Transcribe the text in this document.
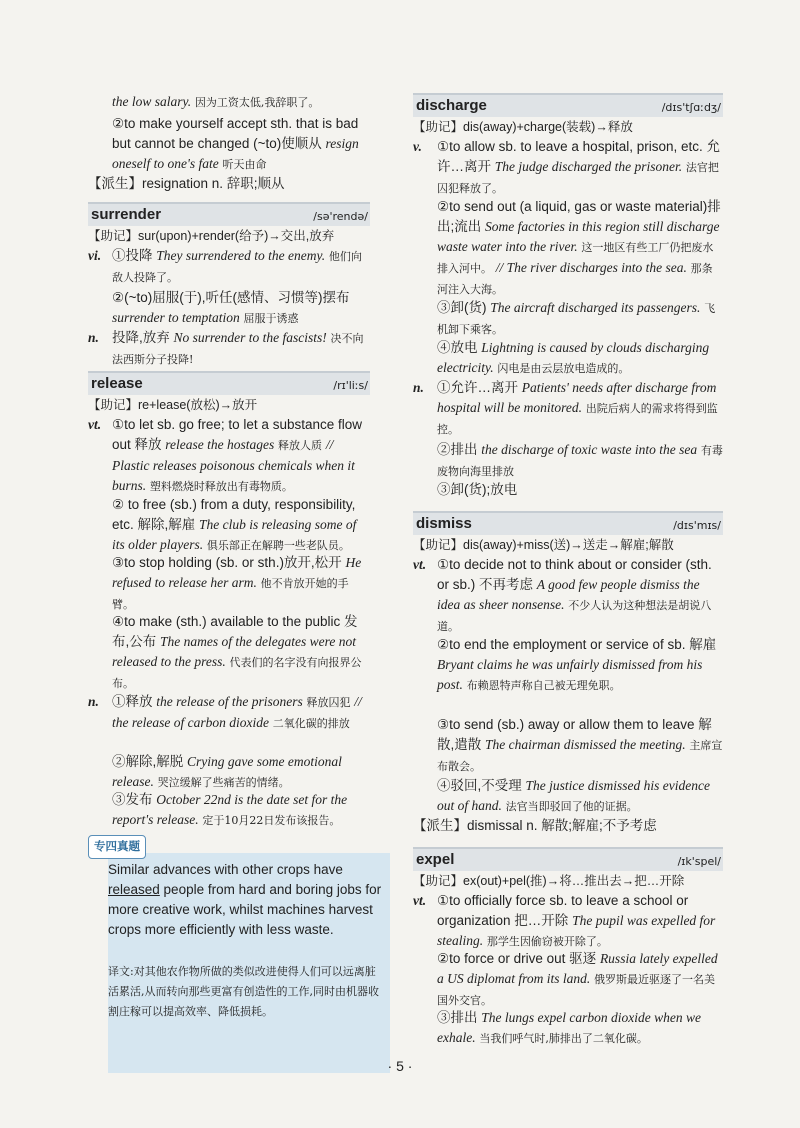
the low salary. 因为工资太低,我辞职了。
②to make yourself accept sth. that is bad but cannot be changed (~to)使顺从 resign oneself to one's fate 听天由命
【派生】resignation n. 辞职;顺从
surrender	/sə'rendə/
【助记】sur(upon)+render(给予)→交出,放弃
vi. ①投降 They surrendered to the enemy. 他们向敌人投降了。
②(~to)屈服(于),听任(感情、习惯等)摆布 surrender to temptation 屈服于诱惑
n. 投降,放弃 No surrender to the fascists! 决不向法西斯分子投降!
release	/rɪ'liːs/
【助记】re+lease(放松)→放开
vt. ①to let sb. go free; to let a substance flow out 释放 release the hostages 释放人质 // Plastic releases poisonous chemicals when it burns. 塑料燃烧时释放出有毒物质。
② to free (sb.) from a duty, responsibility, etc. 解除,解雇 The club is releasing some of its older players. 俱乐部正在解聘一些老队员。
③to stop holding (sb. or sth.)放开,松开 He refused to release her arm. 他不肯放开她的手臂。
④to make (sth.) available to the public 发布,公布 The names of the delegates were not released to the press. 代表们的名字没有向报界公布。
n. ①释放 the release of the prisoners 释放囚犯 // the release of carbon dioxide 二氧化碳的排放
②解除,解脱 Crying gave some emotional release. 哭泣缓解了些痛苦的情绪。
③发布 October 22nd is the date set for the report's release. 定于10月22日发布该报告。
专四真题
Similar advances with other crops have released people from hard and boring jobs for more creative work, whilst machines harvest crops more efficiently with less waste.
译文:对其他农作物所做的类似改进使得人们可以远离脏活累活,从而转向那些更富有创造性的工作,同时由机器收割庄稼可以提高效率、降低损耗。
discharge	/dɪs'tʃɑːdʒ/
【助记】dis(away)+charge(装载)→释放
v. ①to allow sb. to leave a hospital, prison, etc. 允许…离开 The judge discharged the prisoner. 法官把囚犯释放了。
②to send out (a liquid, gas or waste material)排出;流出 Some factories in this region still discharge waste water into the river. 这一地区有些工厂仍把废水排入河中。 // The river discharges into the sea. 那条河注入大海。
③卸(货) The aircraft discharged its passengers. 飞机卸下乘客。
④放电 Lightning is caused by clouds discharging electricity. 闪电是由云层放电造成的。
n. ①允许…离开 Patients' needs after discharge from hospital will be monitored. 出院后病人的需求将得到监控。
②排出 the discharge of toxic waste into the sea 有毒废物向海里排放
③卸(货);放电
dismiss	/dɪs'mɪs/
【助记】dis(away)+miss(送)→送走→解雇;解散
vt. ①to decide not to think about or consider (sth. or sb.) 不再考虑 A good few people dismiss the idea as sheer nonsense. 不少人认为这种想法是胡说八道。
②to end the employment or service of sb. 解雇 Bryant claims he was unfairly dismissed from his post. 布赖恩特声称自己被无理免职。
③to send (sb.) away or allow them to leave 解散,遣散 The chairman dismissed the meeting. 主席宣布散会。
④驳回,不受理 The justice dismissed his evidence out of hand. 法官当即驳回了他的证据。
【派生】dismissal n. 解散;解雇;不予考虑
expel	/ɪk'spel/
【助记】ex(out)+pel(推)→将…推出去→把…开除
vt. ①to officially force sb. to leave a school or organization 把…开除 The pupil was expelled for stealing. 那学生因偷窃被开除了。
②to force or drive out 驱逐 Russia lately expelled a US diplomat from its land. 俄罗斯最近驱逐了一名美国外交官。
③排出 The lungs expel carbon dioxide when we exhale. 当我们呼气时,肺排出了二氧化碳。
· 5 ·
